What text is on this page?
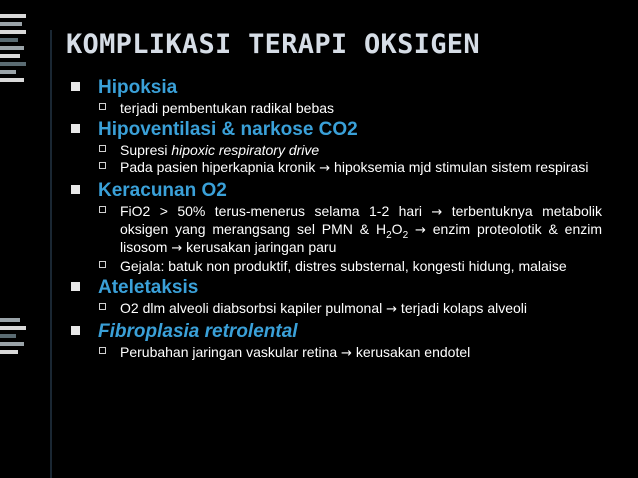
KOMPLIKASI TERAPI OKSIGEN
Hipoksia
terjadi pembentukan radikal bebas
Hipoventilasi & narkose CO2
Supresi hipoxic respiratory drive
Pada pasien hiperkapnia kronik → hipoksemia mjd stimulan sistem respirasi
Keracunan O2
FiO2 > 50% terus-menerus selama 1-2 hari → terbentuknya metabolik oksigen yang merangsang sel PMN & $H_2O_2$ → enzim proteolotik & enzim lisosom → kerusakan jaringan paru
Gejala: batuk non produktif, distres substernal, kongesti hidung, malaise
Ateletaksis
O2 dlm alveoli diabsorbsi kapiler pulmonal → terjadi kolaps alveoli
Fibroplasia retrolental
Perubahan jaringan vaskular retina → kerusakan endotel
